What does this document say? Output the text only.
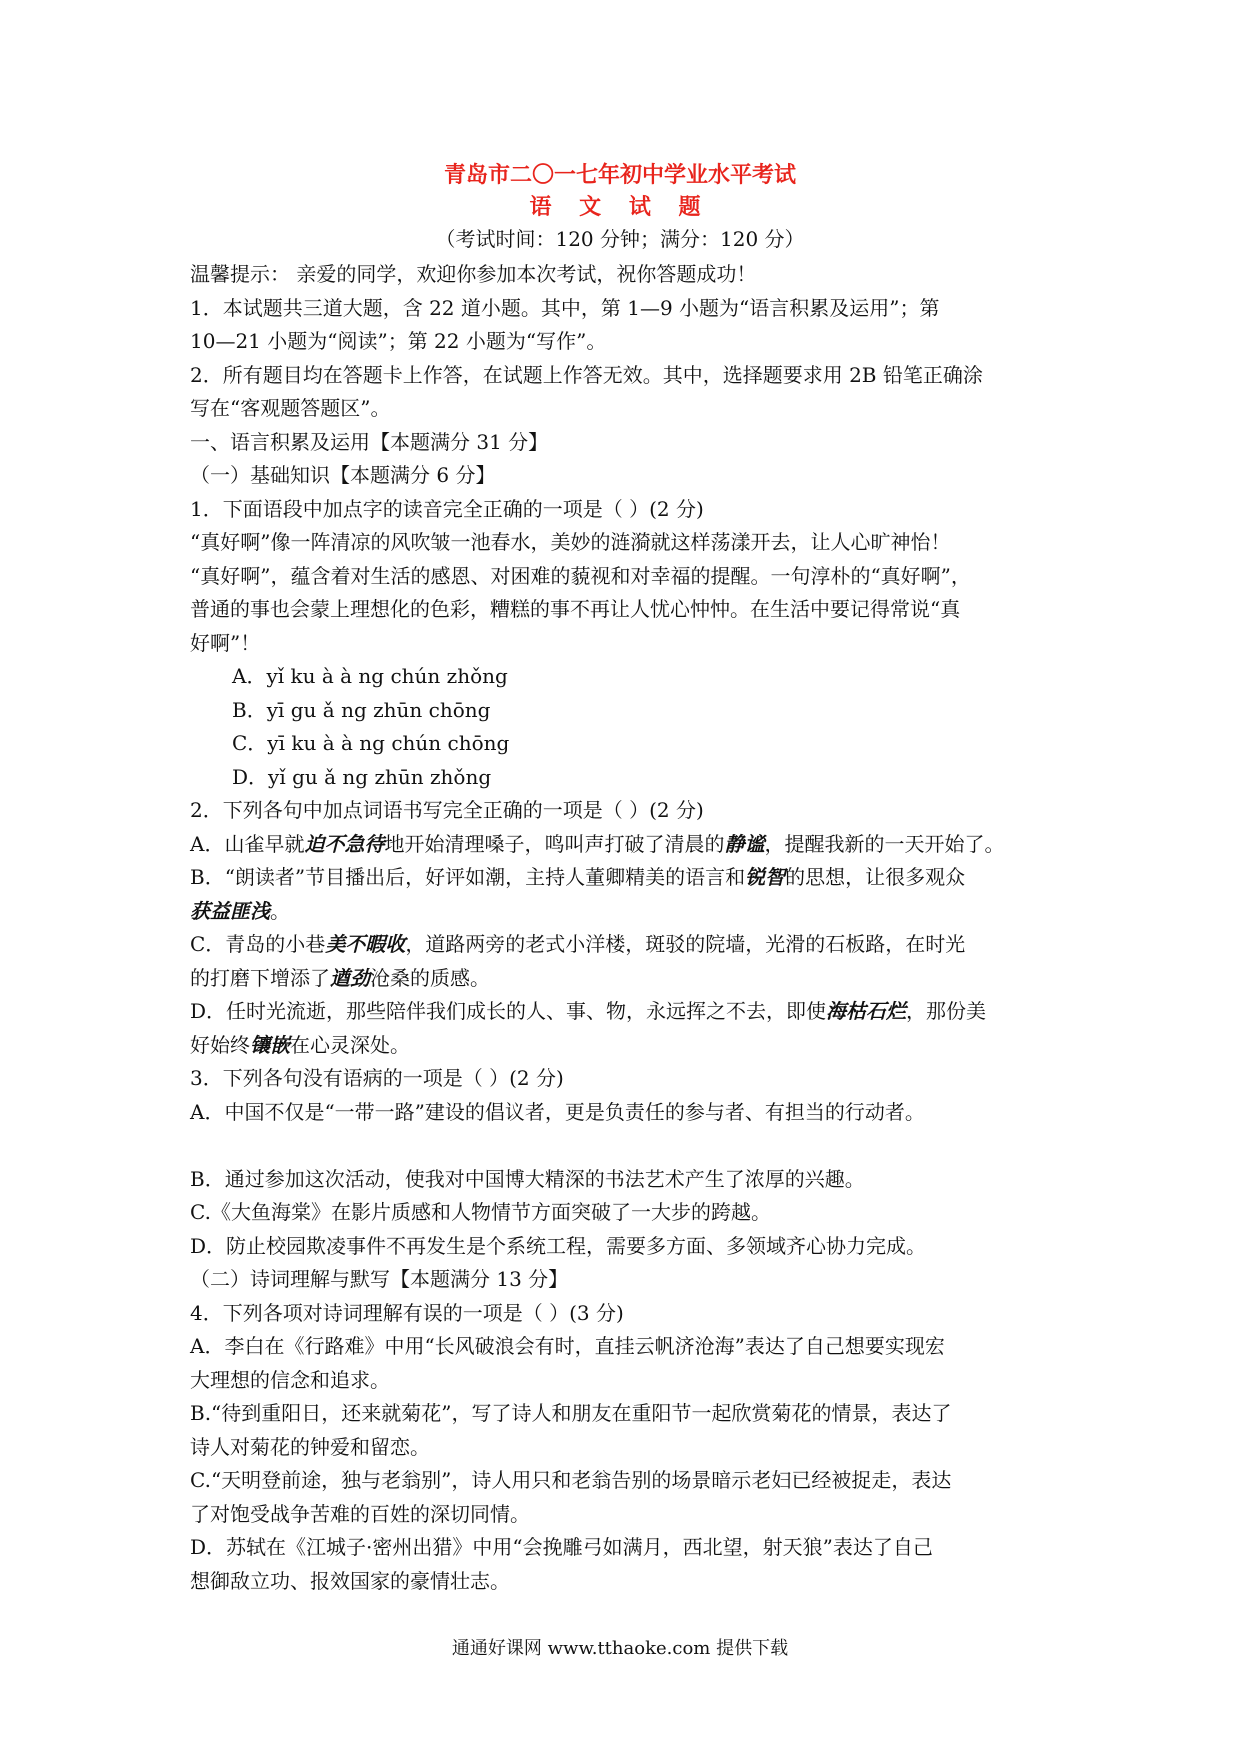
青岛市二〇一七年初中学业水平考试
语 文 试 题
（考试时间：120 分钟；满分：120 分）
温馨提示： 亲爱的同学，欢迎你参加本次考试，祝你答题成功！
1．本试题共三道大题，含 22 道小题。其中，第 1—9 小题为“语言积累及运用”；第
10—21 小题为“阅读”；第 22 小题为“写作”。
2．所有题目均在答题卡上作答，在试题上作答无效。其中，选择题要求用 2B 铅笔正确涂
写在“客观题答题区”。
一、语言积累及运用【本题满分 31 分】
（一）基础知识【本题满分 6 分】
1．下面语段中加点字的读音完全正确的一项是（ ）(2 分)
“真好啊”像一阵清凉的风吹皱一池春水，美妙的涟漪就这样荡漾开去，让人心旷神怡！
“真好啊”，蕴含着对生活的感恩、对困难的藐视和对幸福的提醒。一句淳朴的“真好啊”，
普通的事也会蒙上理想化的色彩，糟糕的事不再让人忧心忡忡。在生活中要记得常说“真
好啊”！
A．yǐ ku à à ng chún zhǒng
B．yī gu ǎ ng zhūn chōng
C．yī ku à à ng chún chōng
D．yǐ gu ǎ ng zhūn zhǒng
2．下列各句中加点词语书写完全正确的一项是（ ）(2 分)
A．山雀早就迫不急待地开始清理嗓子，鸣叫声打破了清晨的静谧，提醒我新的一天开始了。
B．“朗读者”节目播出后，好评如潮，主持人董卿精美的语言和锐智的思想，让很多观众
获益匪浅。
C．青岛的小巷美不暇收，道路两旁的老式小洋楼，斑驳的院墙，光滑的石板路，在时光
的打磨下增添了遒劲沧桑的质感。
D．任时光流逝，那些陪伴我们成长的人、事、物，永远挥之不去，即使海枯石烂，那份美
好始终镶嵌在心灵深处。
3．下列各句没有语病的一项是（ ）(2 分)
A．中国不仅是“一带一路”建设的倡议者，更是负责任的参与者、有担当的行动者。
B．通过参加这次活动，使我对中国博大精深的书法艺术产生了浓厚的兴趣。
C.《大鱼海棠》在影片质感和人物情节方面突破了一大步的跨越。
D．防止校园欺凌事件不再发生是个系统工程，需要多方面、多领域齐心协力完成。
（二）诗词理解与默写【本题满分 13 分】
4．下列各项对诗词理解有误的一项是（ ）(3 分)
A．李白在《行路难》中用“长风破浪会有时，直挂云帆济沧海”表达了自己想要实现宏
大理想的信念和追求。
B.“待到重阳日，还来就菊花”，写了诗人和朋友在重阳节一起欣赏菊花的情景，表达了
诗人对菊花的钟爱和留恋。
C.“天明登前途，独与老翁别”，诗人用只和老翁告别的场景暗示老妇已经被捉走，表达
了对饱受战争苦难的百姓的深切同情。
D．苏轼在《江城子·密州出猎》中用“会挽雕弓如满月，西北望，射天狼”表达了自己
想御敌立功、报效国家的豪情壮志。
通通好课网 www.tthaoke.com 提供下载
